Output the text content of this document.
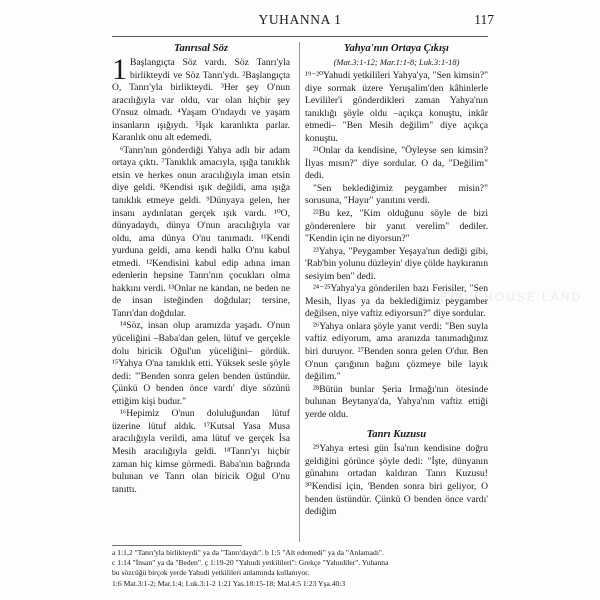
YUHANNA 1	117
Tanrısal Söz

1 Başlangıçta Söz vardı. Söz Tanrı'yla birlikteydi ve Söz Tanrı'ydı. ²Başlangıçta O, Tanrı'yla birlikteydi. ³Her şey O'nun aracılığıyla var oldu, var olan hiçbir şey O'nsuz olmadı. ⁴Yaşam O'ndaydı ve yaşam insanların ışığıydı. ⁵Işık karanlıkta parlar. Karanlık onu alt edemedi.

⁶Tanrı'nın gönderdiği Yahya adlı bir adam ortaya çıktı. ⁷Tanıklık amacıyla, ışığa tanıklık etsin ve herkes onun aracılığıyla iman etsin diye geldi. ⁸Kendisi ışık değildi, ama ışığa tanıklık etmeye geldi. ⁹Dünyaya gelen, her insanı aydınlatan gerçek ışık vardı. ¹⁰O, dünyadaydı, dünya O'nun aracılığıyla var oldu, ama dünya O'nu tanımadı. ¹¹Kendi yurduna geldi, ama kendi halkı O'nu kabul etmedi. ¹²Kendisini kabul edip adına iman edenlerin hepsine Tanrı'nın çocukları olma hakkını verdi. ¹³Onlar ne kandan, ne beden ne de insan isteğinden doğdular; tersine, Tanrı'dan doğdular.

¹⁴Söz, insan olup aramızda yaşadı. O'nun yüceliğini –Baba'dan gelen, lütuf ve gerçekle dolu biricik Oğul'un yüceliğini– gördük. ¹⁵Yahya O'na tanıklık etti. Yüksek sesle şöyle dedi: "'Benden sonra gelen benden üstündür. Çünkü O benden önce vardı' diye sözünü ettiğim kişi budur."

¹⁶Hepimiz O'nun doluluğundan lütuf üzerine lütuf aldık. ¹⁷Kutsal Yasa Musa aracılığıyla verildi, ama lütuf ve gerçek İsa Mesih aracılığıyla geldi. ¹⁸Tanrı'yı hiçbir zaman hiç kimse görmedi. Baba'nın bağrında bulunan ve Tanrı olan biricik Oğul O'nu tanıttı.

Yahya'nın Ortaya Çıkışı
(Mat.3:1-12; Mar.1:1-8; Luk.3:1-18)

¹⁹⁻²⁰Yahudi yetkilileri Yahya'ya, "Sen kimsin?" diye sormak üzere Yeruşalim'den kâhinlerle Levililer'i gönderdikleri zaman Yahya'nın tanıklığı şöyle oldu –açıkça konuştu, inkâr etmedi– "Ben Mesih değilim" diye açıkça konuştu.

²¹Onlar da kendisine, "Öyleyse sen kimsin? İlyas mısın?" diye sordular. O da, "Değilim" dedi.

"Sen beklediğimiz peygamber misin?" sorusuna, "Hayır" yanıtını verdi.

²²Bu kez, "Kim olduğunu söyle de bizi gönderenlere bir yanıt verelim" dediler. "Kendin için ne diyorsun?"

²³Yahya, "Peygamber Yeşaya'nın dediği gibi, 'Rab'bin yolunu düzleyin' diye çölde haykıranın sesiyim ben" dedi.

²⁴⁻²⁵Yahya'ya gönderilen bazı Ferisiler, "Sen Mesih, İlyas ya da beklediğimiz peygamber değilsen, niye vaftiz ediyorsun?" diye sordular.

²⁶Yahya onlara şöyle yanıt verdi: "Ben suyla vaftiz ediyorum, ama aranızda tanımadığınız biri duruyor. ²⁷Benden sonra gelen O'dur. Ben O'nun çarığının bağını çözmeye bile layık değilim."

²⁸Bütün bunlar Şeria Irmağı'nın ötesinde bulunan Beytanya'da, Yahya'nın vaftiz ettiği yerde oldu.

Tanrı Kuzusu

²⁹Yahya ertesi gün İsa'nın kendisine doğru geldiğini görünce şöyle dedi: "İşte, dünyanın günahını ortadan kaldıran Tanrı Kuzusu! ³⁰Kendisi için, 'Benden sonra biri geliyor, O benden üstündür. Çünkü O benden önce vardı' dediğim

BIBLEHOUSE LAND
a 1:1,2 "Tanrı'yla birlikteydi" ya da "Tanrı'daydı". b 1:5 "Alt edemedi" ya da "Anlamadı".
c 1:14 "İnsan" ya da "Beden". ç 1:19-20 "Yahudi yetkilileri": Grekçe "Yahudiler". Yuhanna
bu sözcüğü birçok yerde Yahudi yetkilileri anlamında kullanıyor.
1:6 Mat.3:1-2; Mar.1:4; Luk.3:1-2 1:21 Yas.18:15-18; Mal.4:5 1:23 Yşa.40:3
